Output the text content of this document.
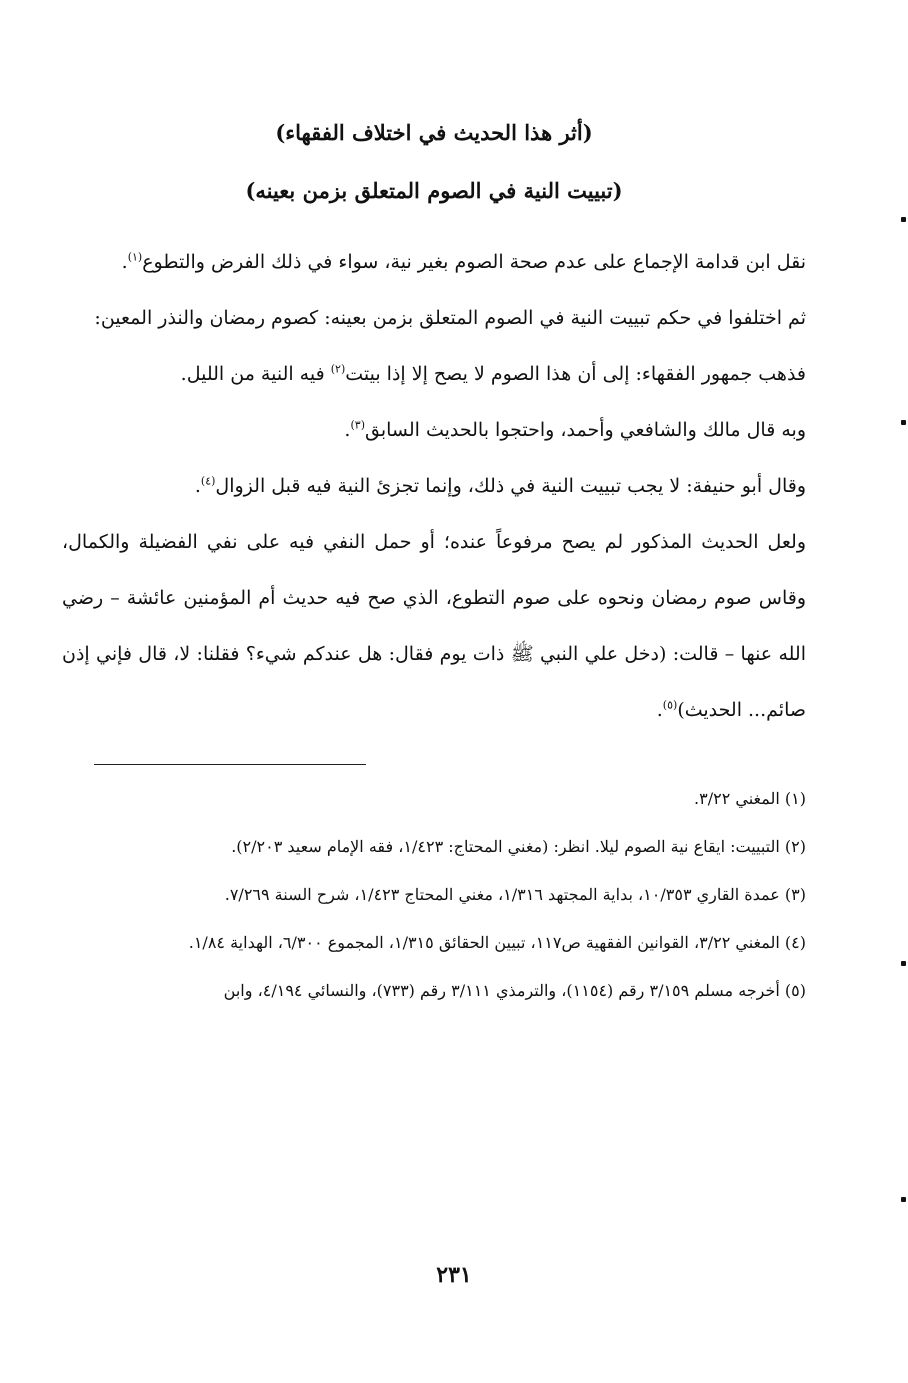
(أثر هذا الحديث في اختلاف الفقهاء)

(تبييت النية في الصوم المتعلق بزمن بعينه)

نقل ابن قدامة الإجماع على عدم صحة الصوم بغير نية، سواء في ذلك الفرض والتطوع$^{(١)}$.

ثم اختلفوا في حكم تبييت النية في الصوم المتعلق بزمن بعينه: كصوم رمضان والنذر المعين:

فذهب جمهور الفقهاء: إلى أن هذا الصوم لا يصح إلا إذا بيتت$^{(٢)}$ فيه النية من الليل.

وبه قال مالك والشافعي وأحمد، واحتجوا بالحديث السابق$^{(٣)}$.

وقال أبو حنيفة: لا يجب تبييت النية في ذلك، وإنما تجزئ النية فيه قبل الزوال$^{(٤)}$.

ولعل الحديث المذكور لم يصح مرفوعاً عنده؛ أو حمل النفي فيه على نفي الفضيلة والكمال، وقاس صوم رمضان ونحوه على صوم التطوع، الذي صح فيه حديث أم المؤمنين عائشة – رضي الله عنها – قالت: (دخل علي النبي ﷺ ذات يوم فقال: هل عندكم شيء؟ فقلنا: لا، قال فإني إذن صائم... الحديث)$^{(٥)}$.

(١) المغني ٣/٢٢.

(٢) التبييت: ايقاع نية الصوم ليلا. انظر: (مغني المحتاج: ١/٤٢٣، فقه الإمام سعيد ٢/٢٠٣).

(٣) عمدة القاري ١٠/٣٥٣، بداية المجتهد ١/٣١٦، مغني المحتاج ١/٤٢٣، شرح السنة ٧/٢٦٩.

(٤) المغني ٣/٢٢، القوانين الفقهية ص١١٧، تبيين الحقائق ١/٣١٥، المجموع ٦/٣٠٠، الهداية ١/٨٤.

(٥) أخرجه مسلم ٣/١٥٩ رقم (١١٥٤)، والترمذي ٣/١١١ رقم (٧٣٣)، والنسائي ٤/١٩٤، وابن

٢٣١
